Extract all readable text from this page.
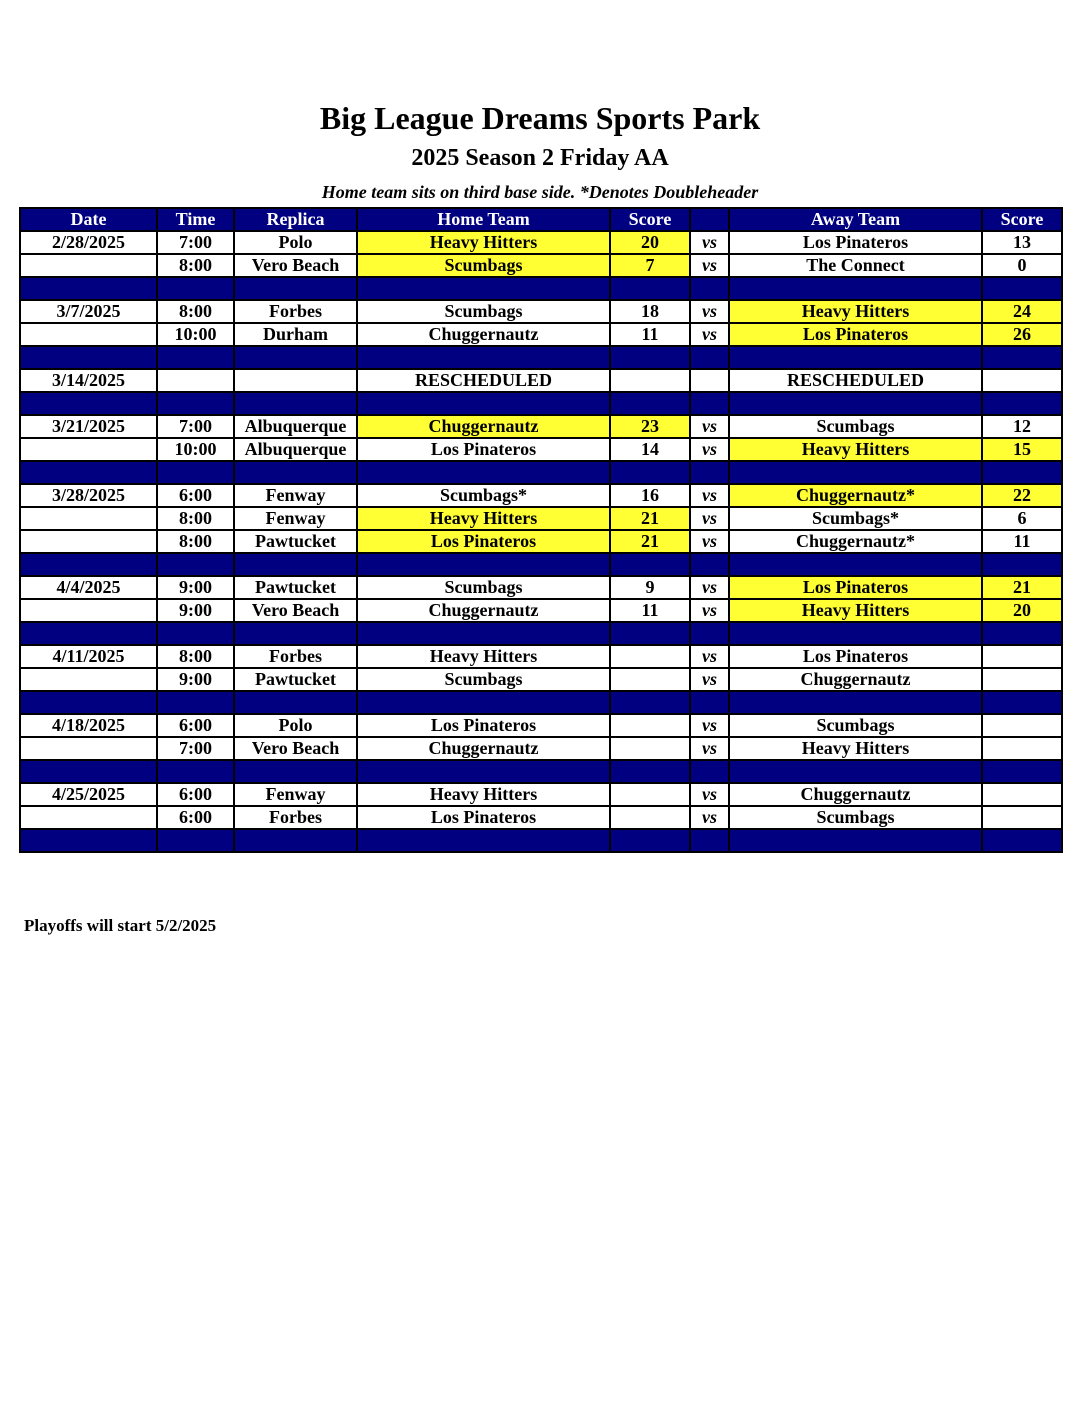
Big League Dreams Sports Park
2025 Season 2 Friday AA
Home team sits on third base side. *Denotes Doubleheader
Date	Time	Replica	Home Team	Score		Away Team	Score
2/28/2025	7:00	Polo	Heavy Hitters	20	vs	Los Pinateros	13
	8:00	Vero Beach	Scumbags	7	vs	The Connect	0

3/7/2025	8:00	Forbes	Scumbags	18	vs	Heavy Hitters	24
	10:00	Durham	Chuggernautz	11	vs	Los Pinateros	26

3/14/2025			RESCHEDULED			RESCHEDULED	

3/21/2025	7:00	Albuquerque	Chuggernautz	23	vs	Scumbags	12
	10:00	Albuquerque	Los Pinateros	14	vs	Heavy Hitters	15

3/28/2025	6:00	Fenway	Scumbags*	16	vs	Chuggernautz*	22
	8:00	Fenway	Heavy Hitters	21	vs	Scumbags*	6
	8:00	Pawtucket	Los Pinateros	21	vs	Chuggernautz*	11

4/4/2025	9:00	Pawtucket	Scumbags	9	vs	Los Pinateros	21
	9:00	Vero Beach	Chuggernautz	11	vs	Heavy Hitters	20

4/11/2025	8:00	Forbes	Heavy Hitters		vs	Los Pinateros	
	9:00	Pawtucket	Scumbags		vs	Chuggernautz	

4/18/2025	6:00	Polo	Los Pinateros		vs	Scumbags	
	7:00	Vero Beach	Chuggernautz		vs	Heavy Hitters	

4/25/2025	6:00	Fenway	Heavy Hitters		vs	Chuggernautz	
	6:00	Forbes	Los Pinateros		vs	Scumbags	

Playoffs will start 5/2/2025
